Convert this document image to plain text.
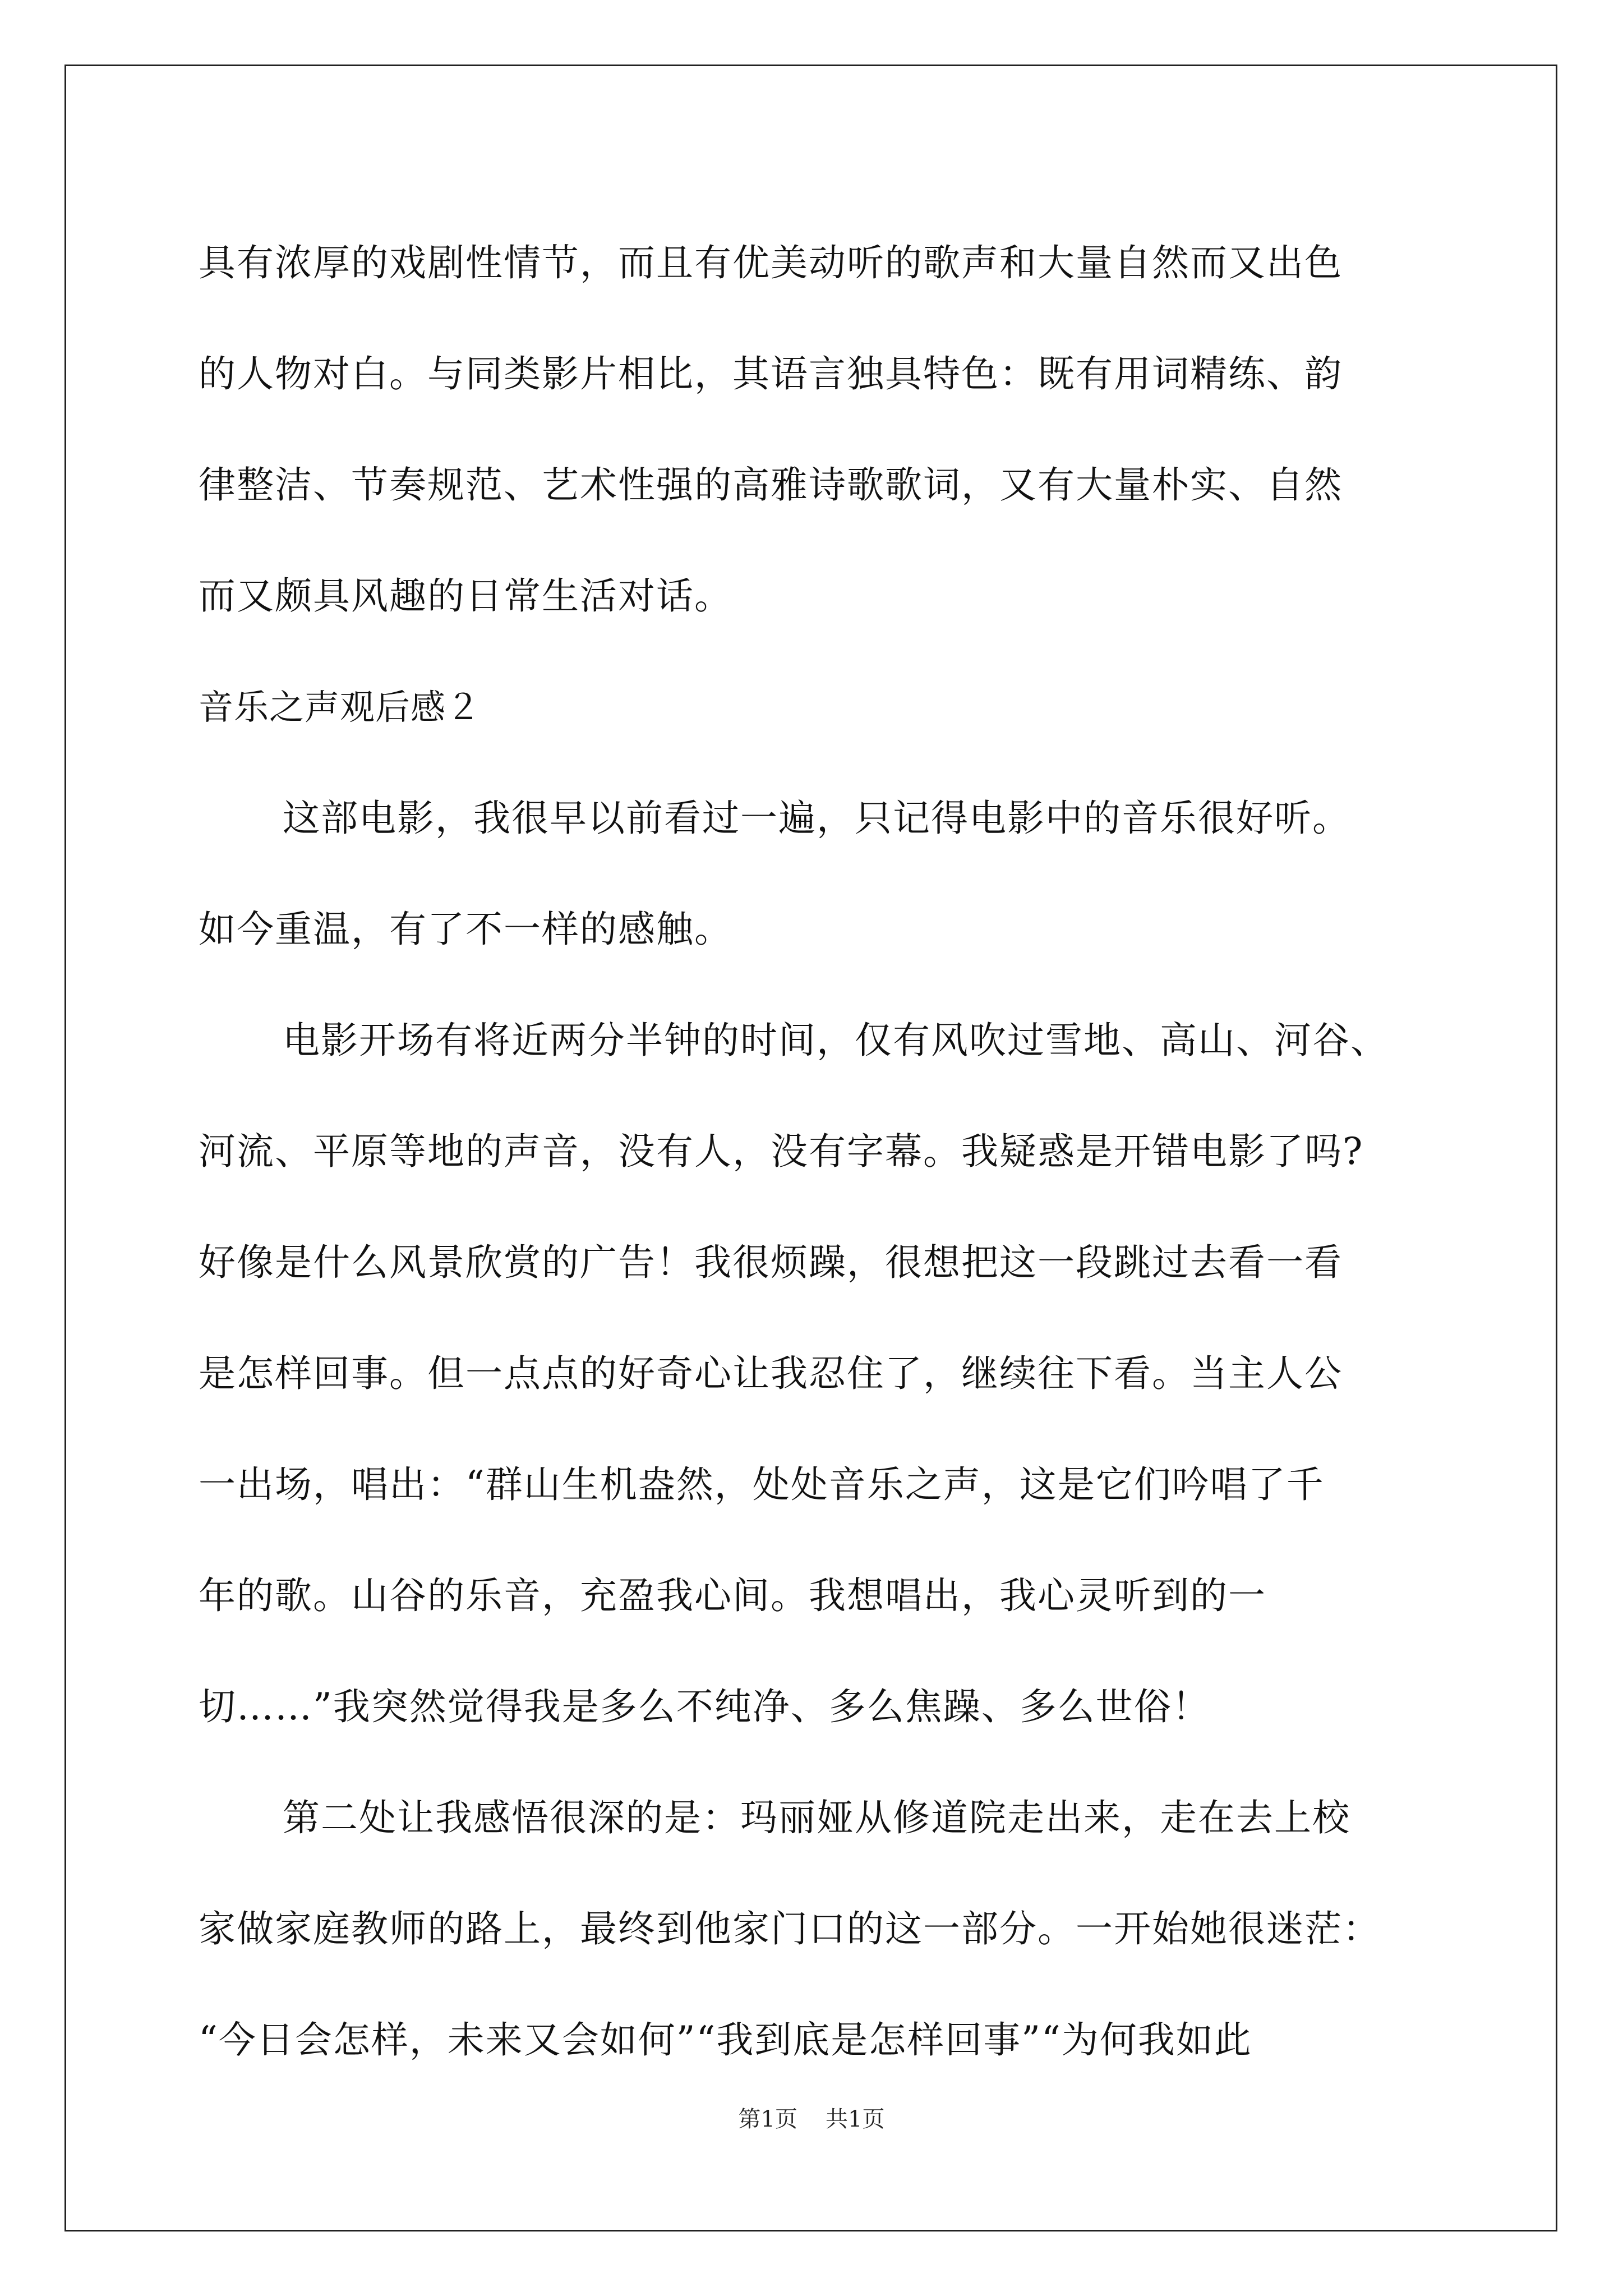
具有浓厚的戏剧性情节，而且有优美动听的歌声和大量自然而又出色
的人物对白。与同类影片相比，其语言独具特色：既有用词精练、韵
律整洁、节奏规范、艺术性强的高雅诗歌歌词，又有大量朴实、自然
而又颇具风趣的日常生活对话。
音乐之声观后感２
这部电影，我很早以前看过一遍，只记得电影中的音乐很好听。
如今重温，有了不一样的感触。
电影开场有将近两分半钟的时间，仅有风吹过雪地、高山、河谷、
河流、平原等地的声音，没有人，没有字幕。我疑惑是开错电影了吗?
好像是什么风景欣赏的广告！我很烦躁，很想把这一段跳过去看一看
是怎样回事。但一点点的好奇心让我忍住了，继续往下看。当主人公
一出场，唱出：“群山生机盎然，处处音乐之声，这是它们吟唱了千
年的歌。山谷的乐音，充盈我心间。我想唱出，我心灵听到的一
切……”我突然觉得我是多么不纯净、多么焦躁、多么世俗！
第二处让我感悟很深的是：玛丽娅从修道院走出来，走在去上校
家做家庭教师的路上，最终到他家门口的这一部分。一开始她很迷茫：
“今日会怎样，未来又会如何”“我到底是怎样回事”“为何我如此
第1页 共1页
